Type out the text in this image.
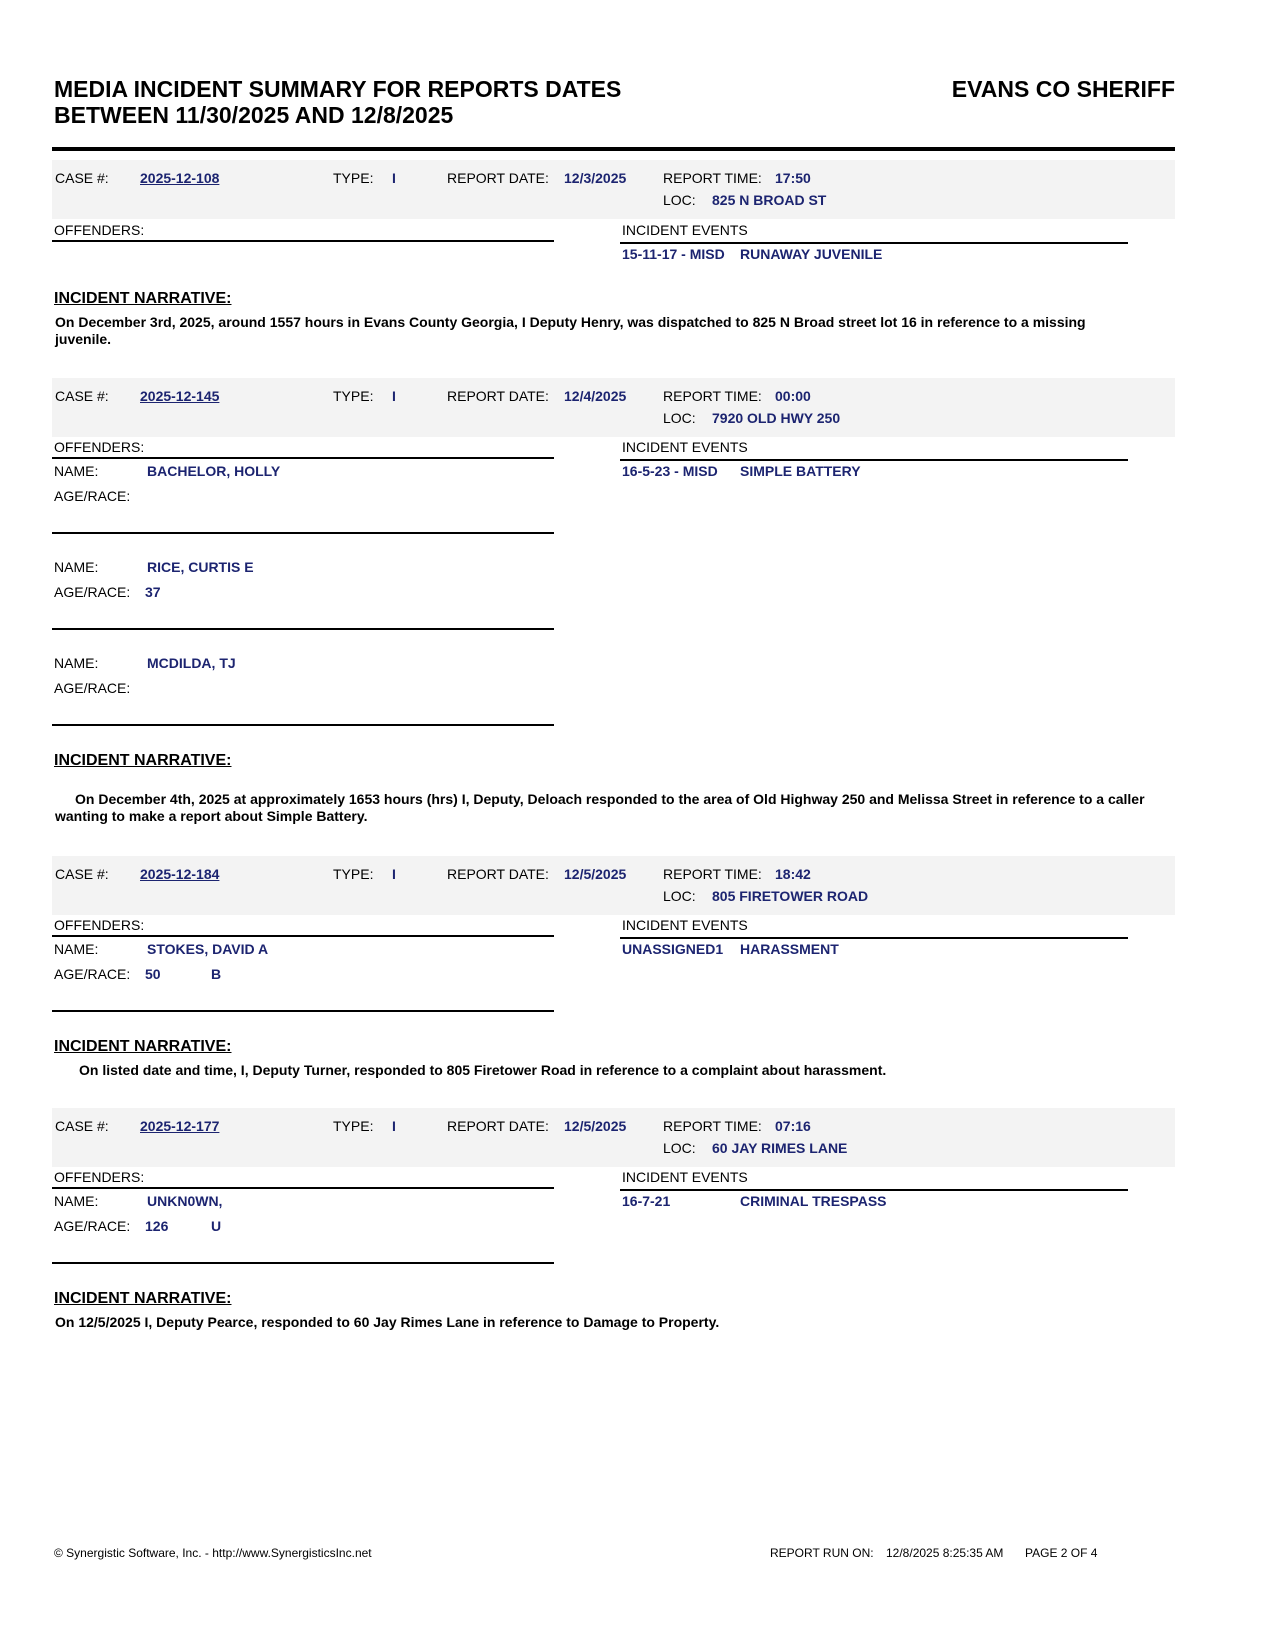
MEDIA INCIDENT SUMMARY FOR REPORTS DATES
BETWEEN 11/30/2025 AND 12/8/2025
EVANS CO SHERIFF
CASE #: 2025-12-108	TYPE: I	REPORT DATE: 12/3/2025	REPORT TIME: 17:50
LOC: 825 N BROAD ST
OFFENDERS:	INCIDENT EVENTS
15-11-17 - MISD RUNAWAY JUVENILE
INCIDENT NARRATIVE:
On December 3rd, 2025, around 1557 hours in Evans County Georgia, I Deputy Henry, was dispatched to 825 N Broad street lot 16 in reference to a missing juvenile.
CASE #: 2025-12-145	TYPE: I	REPORT DATE: 12/4/2025	REPORT TIME: 00:00
LOC: 7920 OLD HWY 250
OFFENDERS:	INCIDENT EVENTS
16-5-23 - MISD SIMPLE BATTERY
NAME:	BACHELOR, HOLLY
AGE/RACE:
NAME:	RICE, CURTIS E
AGE/RACE: 37
NAME:	MCDILDA, TJ
AGE/RACE:
INCIDENT NARRATIVE:
On December 4th, 2025 at approximately 1653 hours (hrs) I, Deputy, Deloach responded to the area of Old Highway 250 and Melissa Street in reference to a caller wanting to make a report about Simple Battery.
CASE #: 2025-12-184	TYPE: I	REPORT DATE: 12/5/2025	REPORT TIME: 18:42
LOC: 805 FIRETOWER ROAD
OFFENDERS:	INCIDENT EVENTS
UNASSIGNED1 HARASSMENT
NAME:	STOKES, DAVID A
AGE/RACE: 50	B
INCIDENT NARRATIVE:
On listed date and time, I, Deputy Turner, responded to 805 Firetower Road in reference to a complaint about harassment.
CASE #: 2025-12-177	TYPE: I	REPORT DATE: 12/5/2025	REPORT TIME: 07:16
LOC: 60 JAY RIMES LANE
OFFENDERS:	INCIDENT EVENTS
16-7-21	CRIMINAL TRESPASS
NAME:	UNKN0WN,
AGE/RACE: 126	U
INCIDENT NARRATIVE:
On 12/5/2025 I, Deputy Pearce, responded to 60 Jay Rimes Lane in reference to Damage to Property.
© Synergistic Software, Inc. - http://www.SynergisticsInc.net	REPORT RUN ON: 12/8/2025 8:25:35 AM PAGE 2 OF 4
